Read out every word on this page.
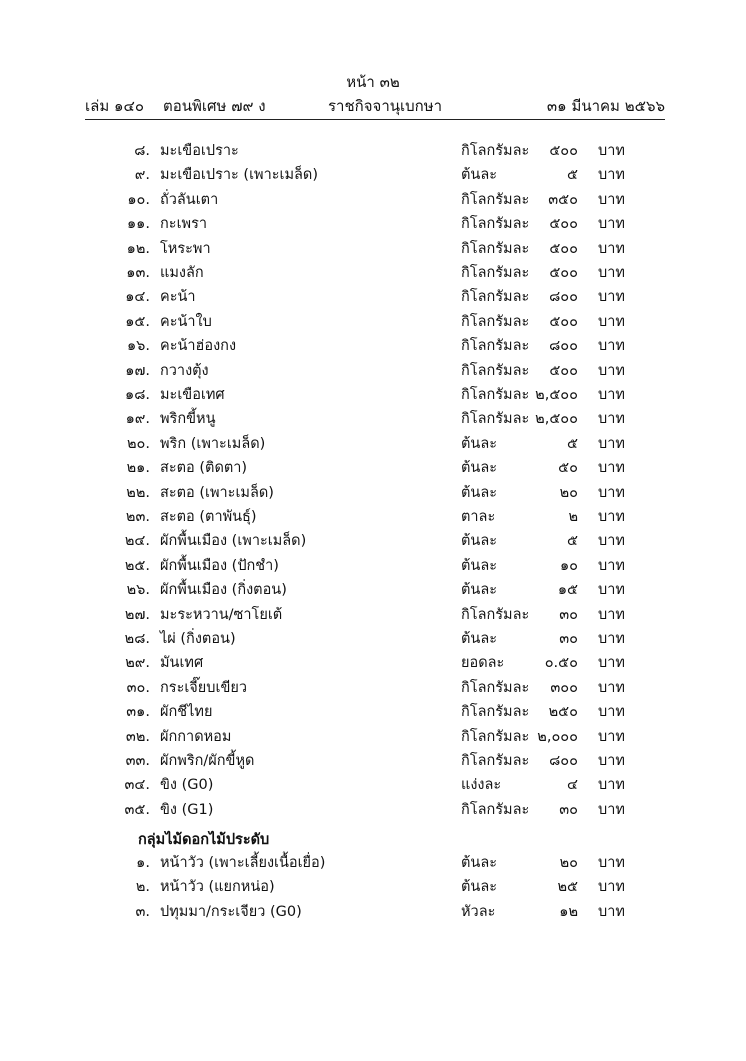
หน้า ๓๒
เล่ม ๑๔๐ ตอนพิเศษ ๗๙ ง	ราชกิจจานุเบกษา	๓๑ มีนาคม ๒๕๖๖
๘. มะเขือเปราะ	กิโลกรัมละ ๕๐๐ บาท
๙. มะเขือเปราะ (เพาะเมล็ด)	ต้นละ	๕ บาท
๑๐. ถั่วลันเตา	กิโลกรัมละ ๓๕๐ บาท
๑๑. กะเพรา	กิโลกรัมละ ๕๐๐ บาท
๑๒. โหระพา	กิโลกรัมละ ๕๐๐ บาท
๑๓. แมงลัก	กิโลกรัมละ ๕๐๐ บาท
๑๔. คะน้า	กิโลกรัมละ ๘๐๐ บาท
๑๕. คะน้าใบ	กิโลกรัมละ ๕๐๐ บาท
๑๖. คะน้าฮ่องกง	กิโลกรัมละ ๘๐๐ บาท
๑๗. กวางตุ้ง	กิโลกรัมละ ๕๐๐ บาท
๑๘. มะเขือเทศ	กิโลกรัมละ ๒,๕๐๐ บาท
๑๙. พริกขี้หนู	กิโลกรัมละ ๒,๕๐๐ บาท
๒๐. พริก (เพาะเมล็ด)	ต้นละ	๕ บาท
๒๑. สะตอ (ติดตา)	ต้นละ	๕๐ บาท
๒๒. สะตอ (เพาะเมล็ด)	ต้นละ	๒๐ บาท
๒๓. สะตอ (ตาพันธุ์)	ตาละ	๒ บาท
๒๔. ผักพื้นเมือง (เพาะเมล็ด)	ต้นละ	๕ บาท
๒๕. ผักพื้นเมือง (ปักชำ)	ต้นละ	๑๐ บาท
๒๖. ผักพื้นเมือง (กิ่งตอน)	ต้นละ	๑๕ บาท
๒๗. มะระหวาน/ซาโยเต้	กิโลกรัมละ ๓๐ บาท
๒๘. ไผ่ (กิ่งตอน)	ต้นละ	๓๐ บาท
๒๙. มันเทศ	ยอดละ	๐.๕๐ บาท
๓๐. กระเจี๊ยบเขียว	กิโลกรัมละ ๓๐๐ บาท
๓๑. ผักชีไทย	กิโลกรัมละ ๒๕๐ บาท
๓๒. ผักกาดหอม	กิโลกรัมละ ๒,๐๐๐ บาท
๓๓. ผักพริก/ผักขี้หูด	กิโลกรัมละ ๘๐๐ บาท
๓๔. ขิง (G0)	แง่งละ	๔ บาท
๓๕. ขิง (G1)	กิโลกรัมละ ๓๐ บาท
กลุ่มไม้ดอกไม้ประดับ
๑. หน้าวัว (เพาะเลี้ยงเนื้อเยื่อ)	ต้นละ	๒๐ บาท
๒. หน้าวัว (แยกหน่อ)	ต้นละ	๒๕ บาท
๓. ปทุมมา/กระเจียว (G0)	หัวละ	๑๒ บาท
